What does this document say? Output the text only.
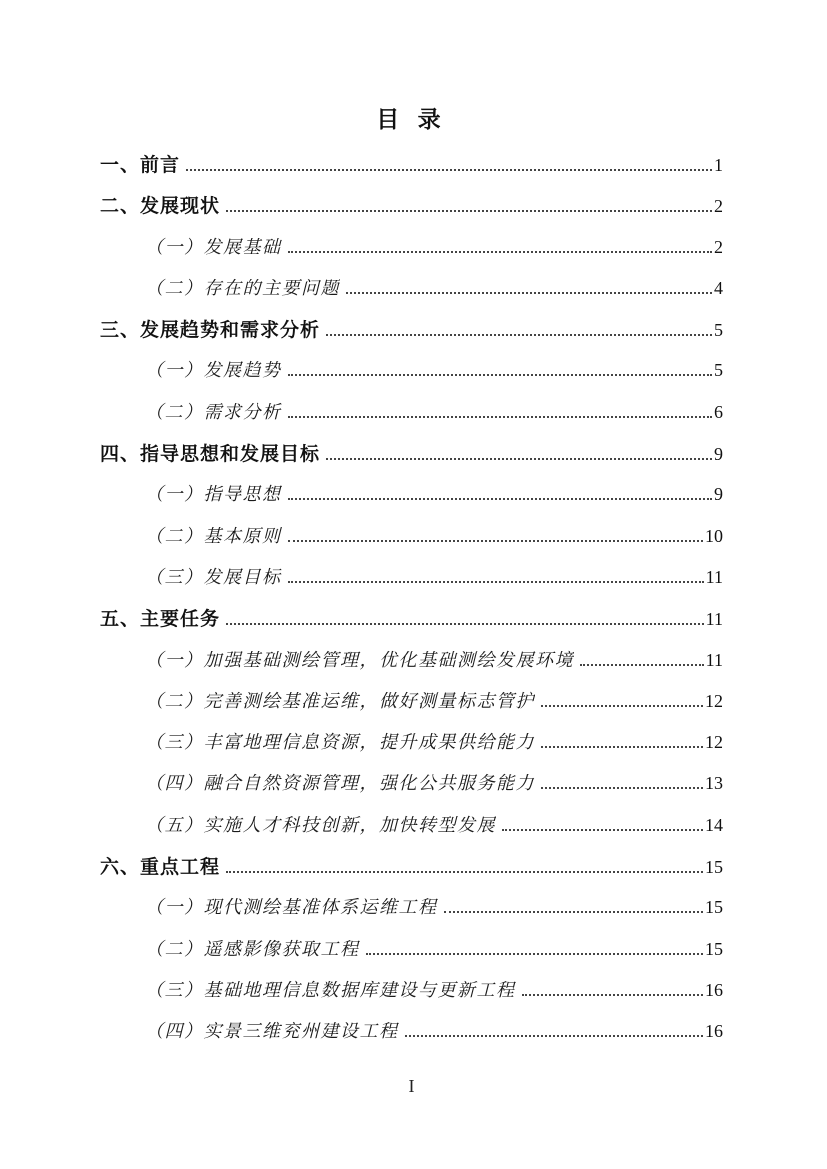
目 录
一、前言	1
二、发展现状	2
（一）发展基础	2
（二）存在的主要问题	4
三、发展趋势和需求分析	5
（一）发展趋势	5
（二）需求分析	6
四、指导思想和发展目标	9
（一）指导思想	9
（二）基本原则	10
（三）发展目标	11
五、主要任务	11
（一）加强基础测绘管理，优化基础测绘发展环境	11
（二）完善测绘基准运维，做好测量标志管护	12
（三）丰富地理信息资源，提升成果供给能力	12
（四）融合自然资源管理，强化公共服务能力	13
（五）实施人才科技创新，加快转型发展	14
六、重点工程	15
（一）现代测绘基准体系运维工程	15
（二）遥感影像获取工程	15
（三）基础地理信息数据库建设与更新工程	16
（四）实景三维兖州建设工程	16
I
